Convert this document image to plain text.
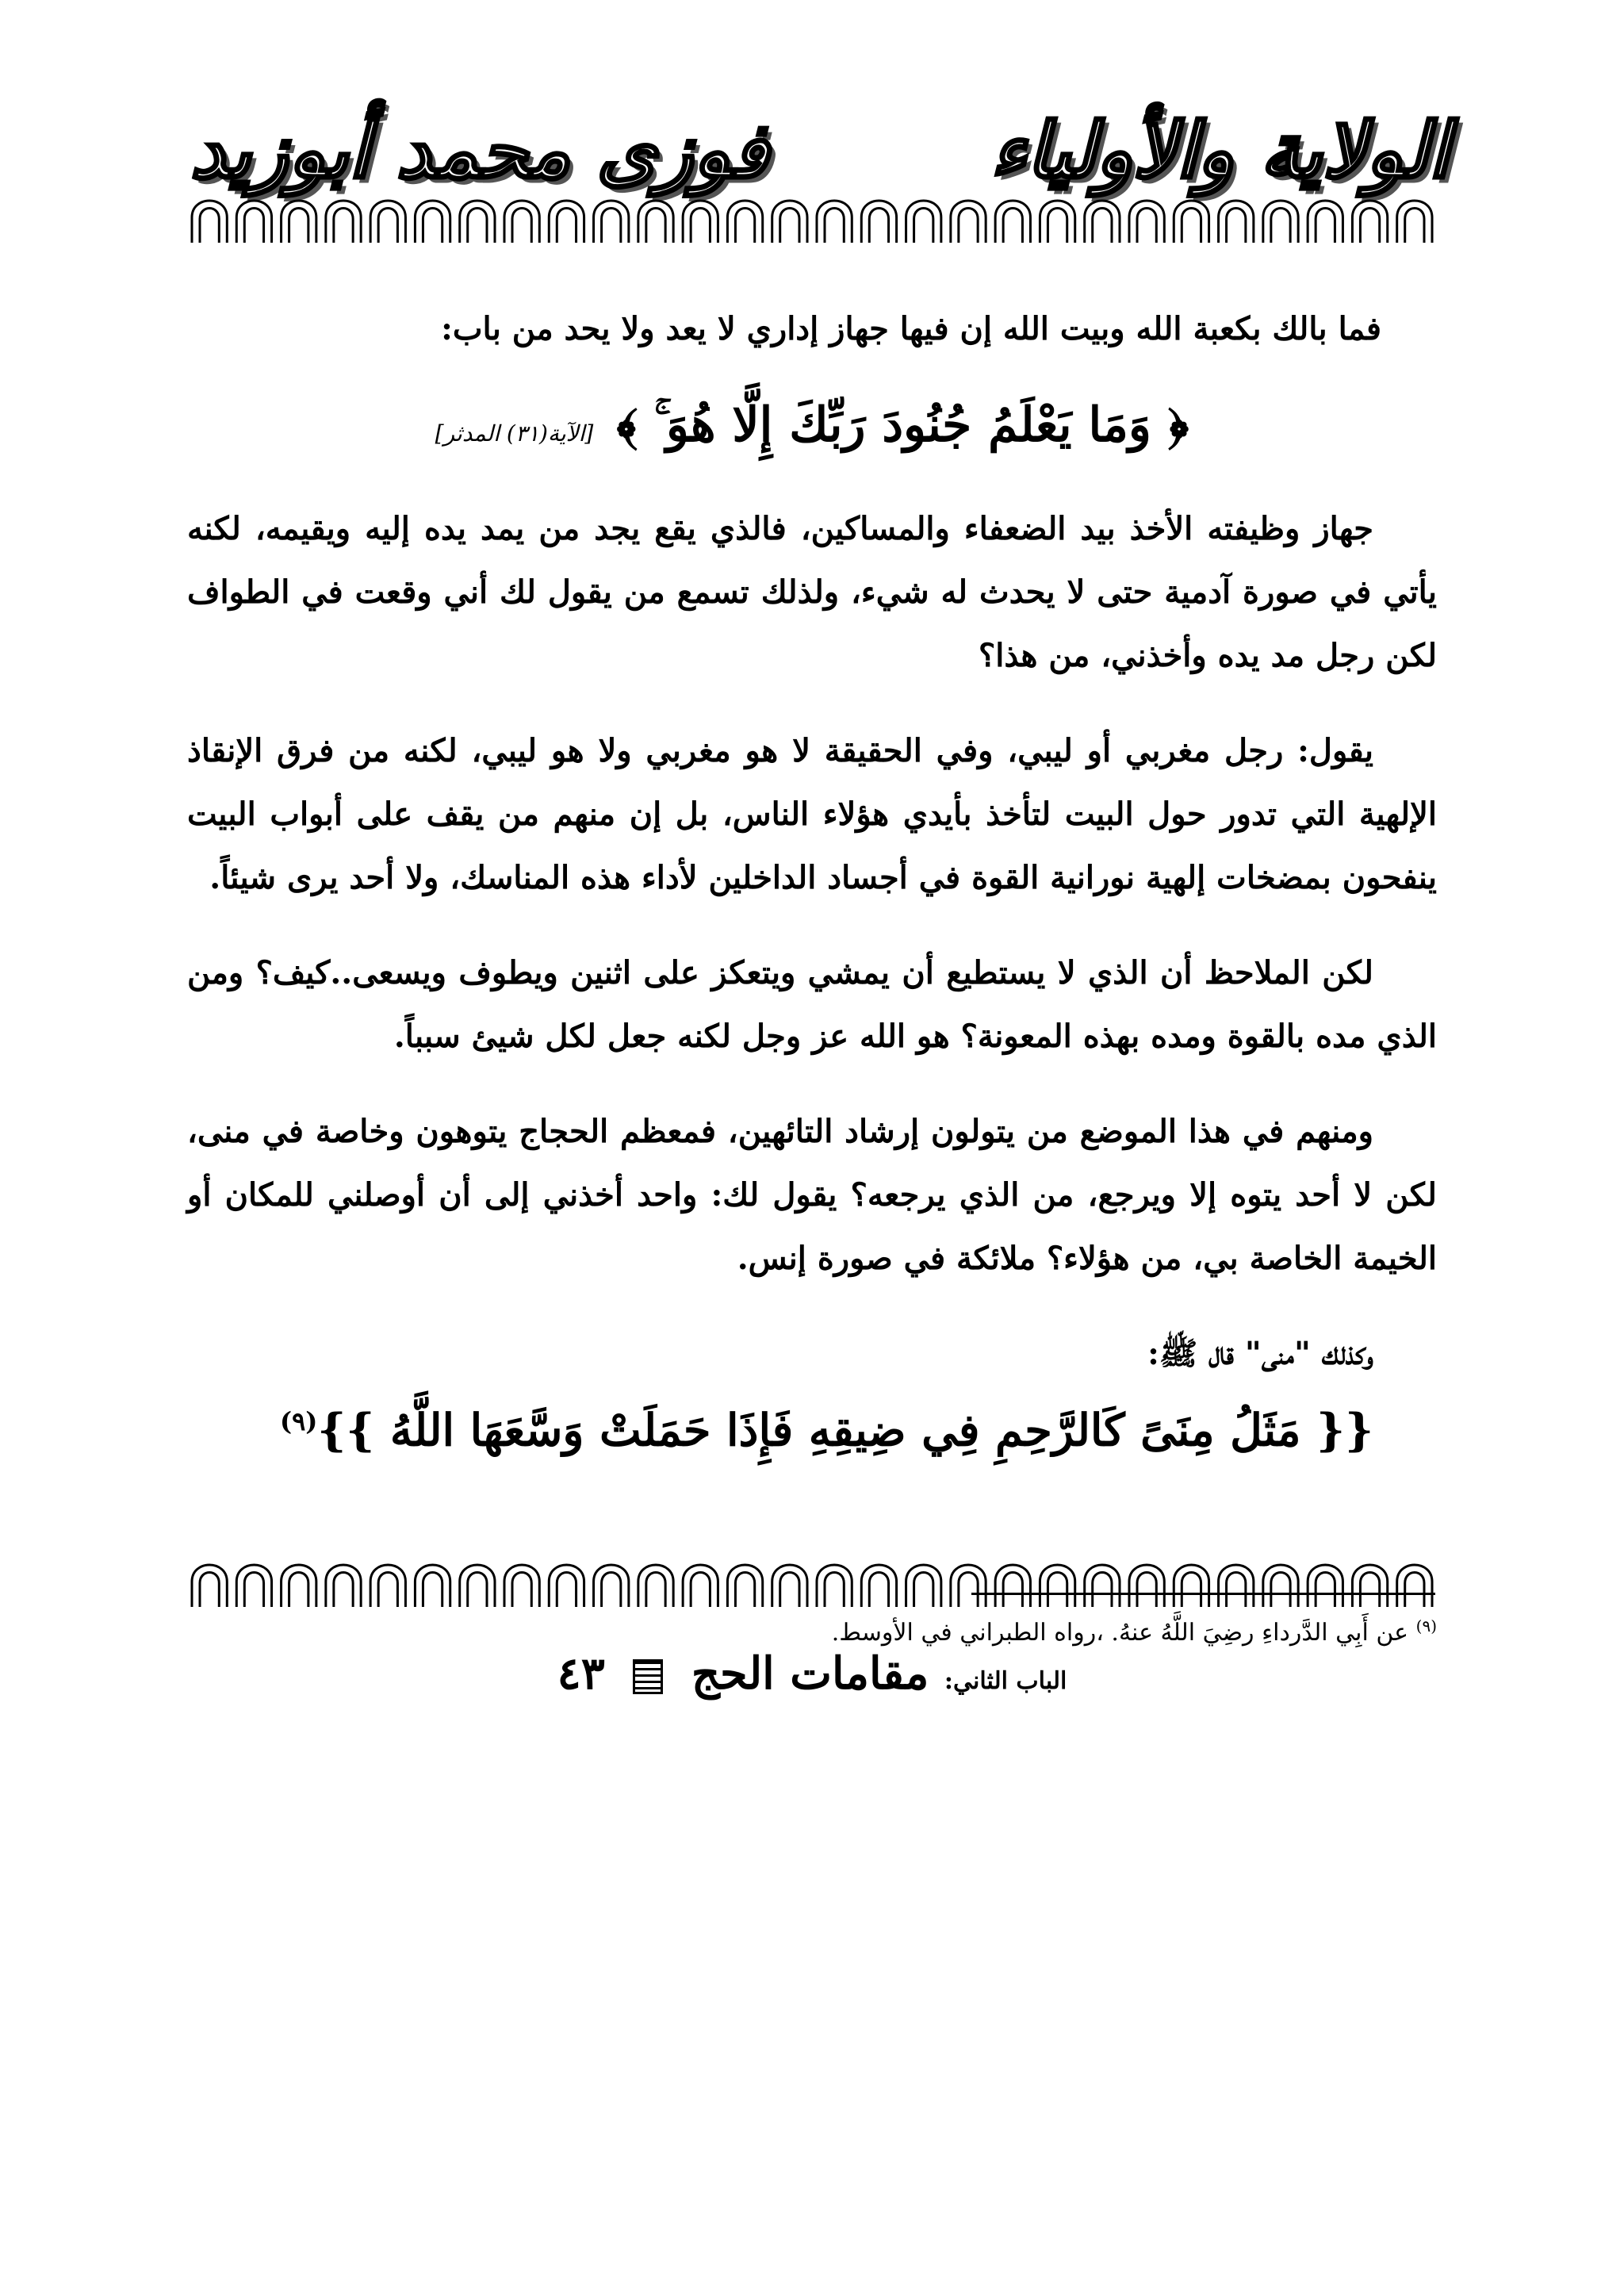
الولاية والأولياء
فوزى محمد أبوزيد
فما بالك بكعبة الله وبيت الله إن فيها جهاز إداري لا يعد ولا يحد من باب:
﴿ وَمَا يَعْلَمُ جُنُودَ رَبِّكَ إِلَّا هُوَ ۚ ﴾ [الآية(٣١) المدثر]

جهاز وظيفته الأخذ بيد الضعفاء والمساكين، فالذي يقع يجد من يمد يده إليه ويقيمه، لكنه يأتي في صورة آدمية حتى لا يحدث له شيء، ولذلك تسمع من يقول لك أني وقعت في الطواف لكن رجل مد يده وأخذني، من هذا؟

يقول: رجل مغربي أو ليبي، وفي الحقيقة لا هو مغربي ولا هو ليبي، لكنه من فرق الإنقاذ الإلهية التي تدور حول البيت لتأخذ بأيدي هؤلاء الناس، بل إن منهم من يقف على أبواب البيت ينفحون بمضخات إلهية نورانية القوة في أجساد الداخلين لأداء هذه المناسك، ولا أحد يرى شيئاً.

لكن الملاحظ أن الذي لا يستطيع أن يمشي ويتعكز على اثنين ويطوف ويسعى..كيف؟ ومن الذي مده بالقوة ومده بهذه المعونة؟ هو الله عز وجل لكنه جعل لكل شيئ سبباً.

ومنهم في هذا الموضع من يتولون إرشاد التائهين، فمعظم الحجاج يتوهون وخاصة في منى، لكن لا أحد يتوه إلا ويرجع، من الذي يرجعه؟ يقول لك: واحد أخذني إلى أن أوصلني للمكان أو الخيمة الخاصة بي، من هؤلاء؟ ملائكة في صورة إنس.

وكذلك "منى" قال ﷺ:
{{ مَثَلُ مِنَىً كَالرَّحِمِ فِي ضِيقِهِ فَإِذَا حَمَلَتْ وَسَّعَهَا اللَّهُ }}$^{(٩)}$
$^{(٩)}$ عن أَبِي الدَّرداءِ رضِيَ اللَّهُ عنهُ. ،رواه الطبراني في الأوسط.
الباب الثاني: مقامات الحج  ٤٣
